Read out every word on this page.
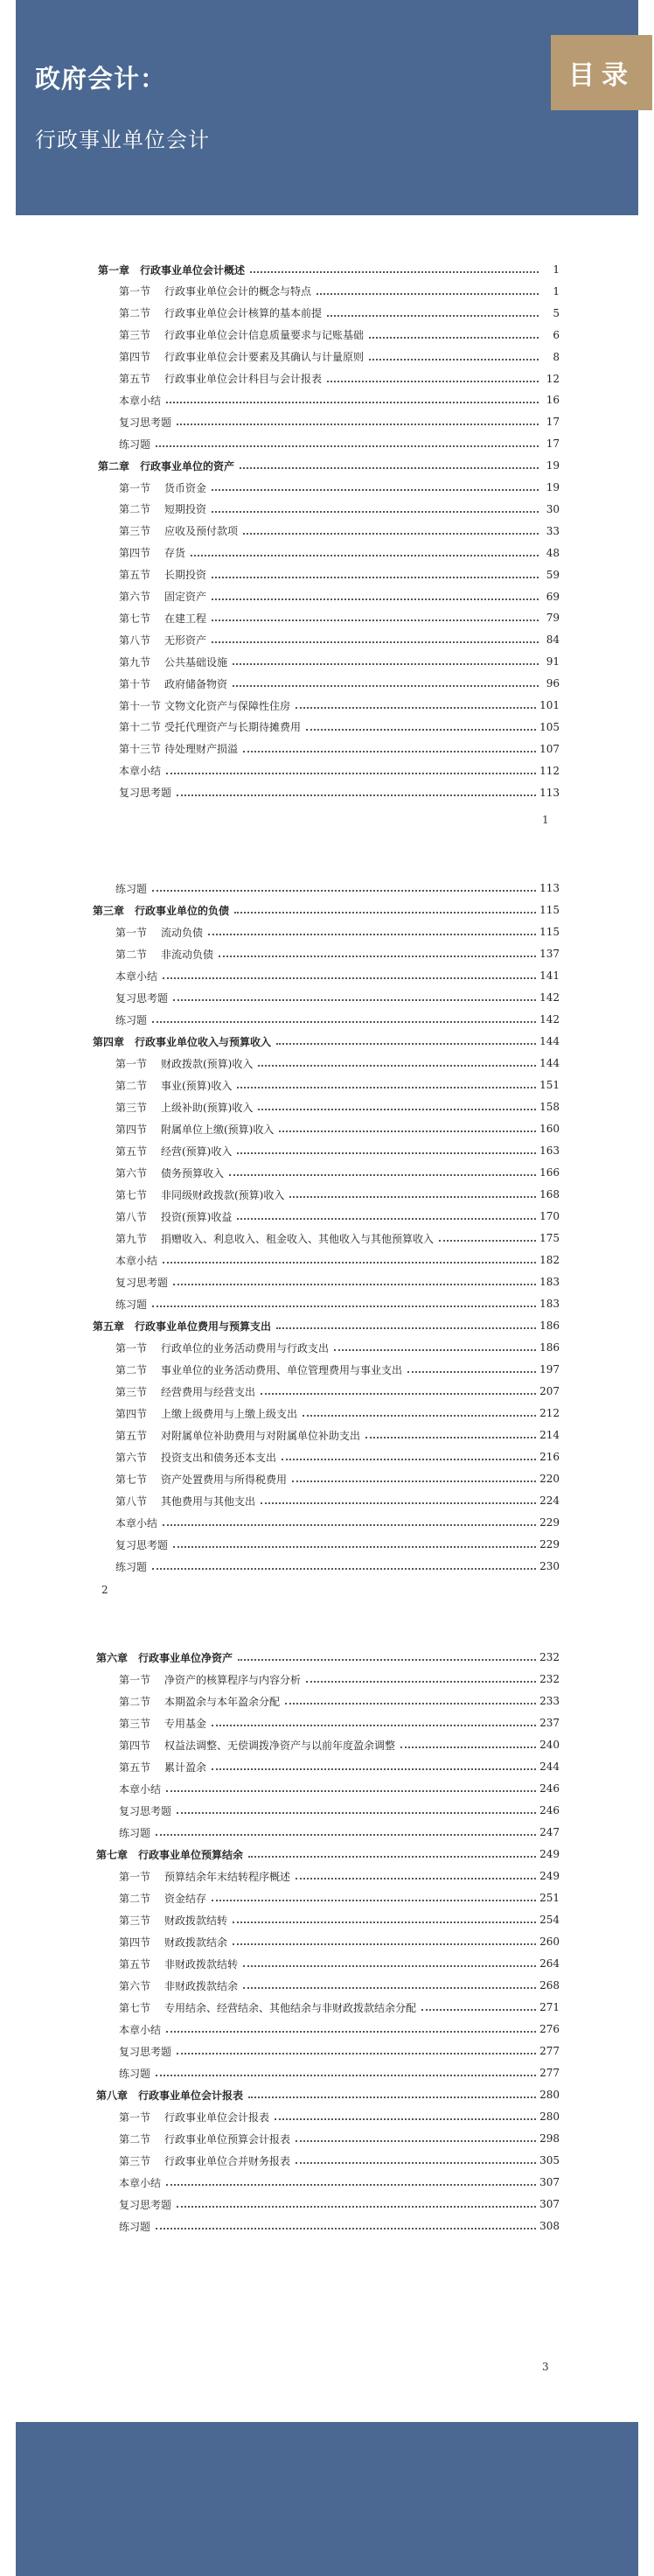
政府会计：
行政事业单位会计
目录
第一章　行政事业单位会计概述	1
第一节 行政事业单位会计的概念与特点	1
第二节 行政事业单位会计核算的基本前提	5
第三节 行政事业单位会计信息质量要求与记账基础	6
第四节 行政事业单位会计要素及其确认与计量原则	8
第五节 行政事业单位会计科目与会计报表	12
本章小结	16
复习思考题	17
练习题	17
第二章　行政事业单位的资产	19
第一节 货币资金	19
第二节 短期投资	30
第三节 应收及预付款项	33
第四节 存货	48
第五节 长期投资	59
第六节 固定资产	69
第七节 在建工程	79
第八节 无形资产	84
第九节 公共基础设施	91
第十节 政府储备物资	96
第十一节 文物文化资产与保障性住房	101
第十二节 受托代理资产与长期待摊费用	105
第十三节 待处理财产损溢	107
本章小结	112
复习思考题	113
1
练习题	113
第三章　行政事业单位的负债	115
第一节 流动负债	115
第二节 非流动负债	137
本章小结	141
复习思考题	142
练习题	142
第四章　行政事业单位收入与预算收入	144
第一节 财政拨款(预算)收入	144
第二节 事业(预算)收入	151
第三节 上级补助(预算)收入	158
第四节 附属单位上缴(预算)收入	160
第五节 经营(预算)收入	163
第六节 债务预算收入	166
第七节 非同级财政拨款(预算)收入	168
第八节 投资(预算)收益	170
第九节 捐赠收入、利息收入、租金收入、其他收入与其他预算收入	175
本章小结	182
复习思考题	183
练习题	183
第五章　行政事业单位费用与预算支出	186
第一节 行政单位的业务活动费用与行政支出	186
第二节 事业单位的业务活动费用、单位管理费用与事业支出	197
第三节 经营费用与经营支出	207
第四节 上缴上级费用与上缴上级支出	212
第五节 对附属单位补助费用与对附属单位补助支出	214
第六节 投资支出和债务还本支出	216
第七节 资产处置费用与所得税费用	220
第八节 其他费用与其他支出	224
本章小结	229
复习思考题	229
练习题	230
2
第六章　行政事业单位净资产	232
第一节 净资产的核算程序与内容分析	232
第二节 本期盈余与本年盈余分配	233
第三节 专用基金	237
第四节 权益法调整、无偿调拨净资产与以前年度盈余调整	240
第五节 累计盈余	244
本章小结	246
复习思考题	246
练习题	247
第七章　行政事业单位预算结余	249
第一节 预算结余年末结转程序概述	249
第二节 资金结存	251
第三节 财政拨款结转	254
第四节 财政拨款结余	260
第五节 非财政拨款结转	264
第六节 非财政拨款结余	268
第七节 专用结余、经营结余、其他结余与非财政拨款结余分配	271
本章小结	276
复习思考题	277
练习题	277
第八章　行政事业单位会计报表	280
第一节 行政事业单位会计报表	280
第二节 行政事业单位预算会计报表	298
第三节 行政事业单位合并财务报表	305
本章小结	307
复习思考题	307
练习题	308
3
